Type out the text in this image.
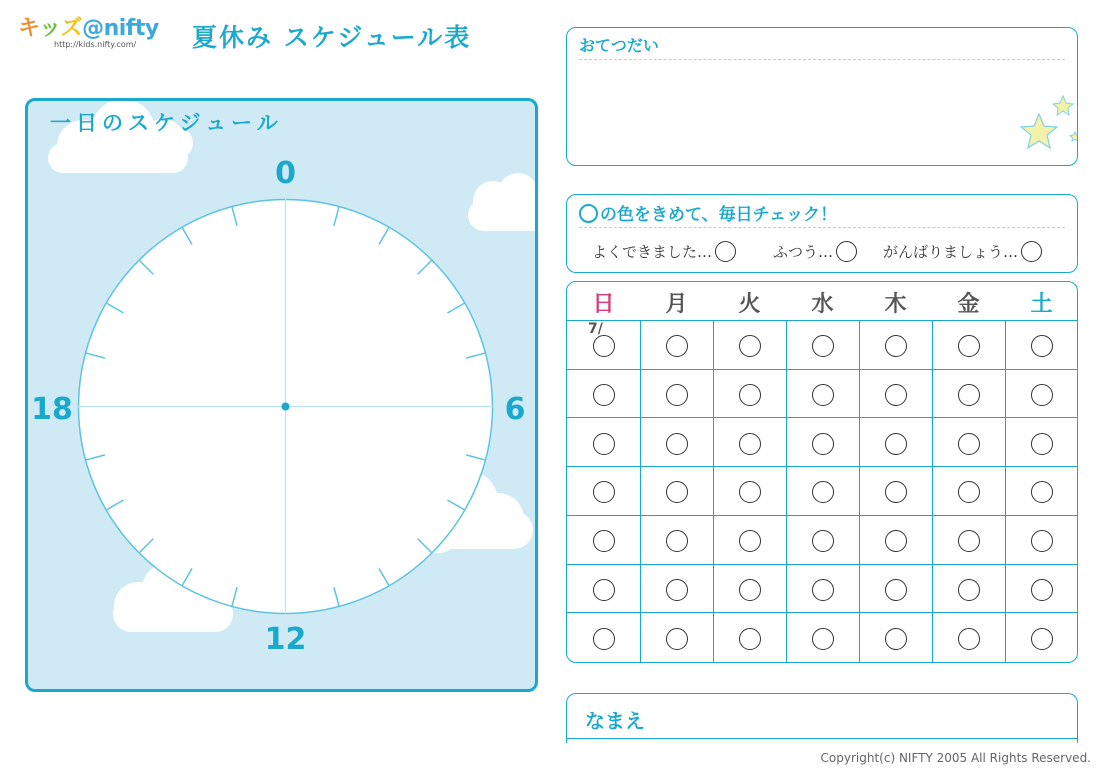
キッズ@nifty
http://kids.nifty.com/	夏休み スケジュール表
0
6
12
18
一日のスケジュール
おてつだい
の色をきめて、毎日チェック！
よくできました…	ふつう…	がんばりましょう…
日	月	火	水	木	金	土
7/
なまえ
Copyright(c) NIFTY 2005 All Rights Reserved.
